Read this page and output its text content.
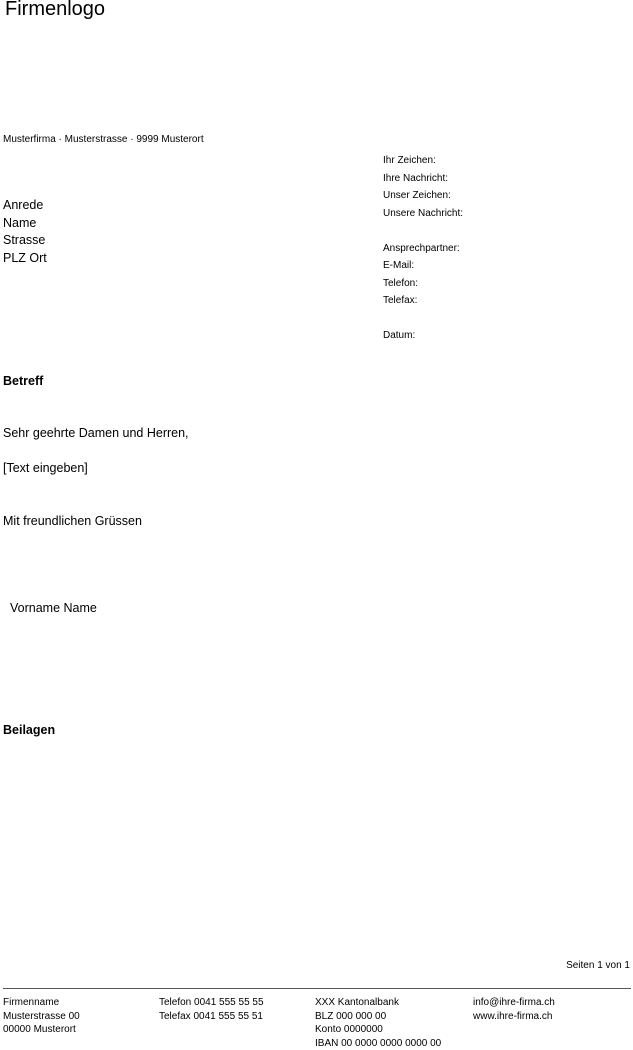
Firmenlogo
Musterfirma · Musterstrasse · 9999 Musterort
Anrede
Name
Strasse
PLZ Ort
Ihr Zeichen:
Ihre Nachricht:
Unser Zeichen:
Unsere Nachricht:
Ansprechpartner:
E-Mail:
Telefon:
Telefax:
Datum:
Betreff
Sehr geehrte Damen und Herren,
[Text eingeben]
Mit freundlichen Grüssen
Vorname Name
Beilagen
Seiten 1 von 1
Firmenname
Musterstrasse 00
00000 Musterort
Telefon 0041 555 55 55
Telefax 0041 555 55 51
XXX Kantonalbank
BLZ 000 000 00
Konto 0000000
IBAN 00 0000 0000 0000 00
info@ihre-firma.ch
www.ihre-firma.ch
